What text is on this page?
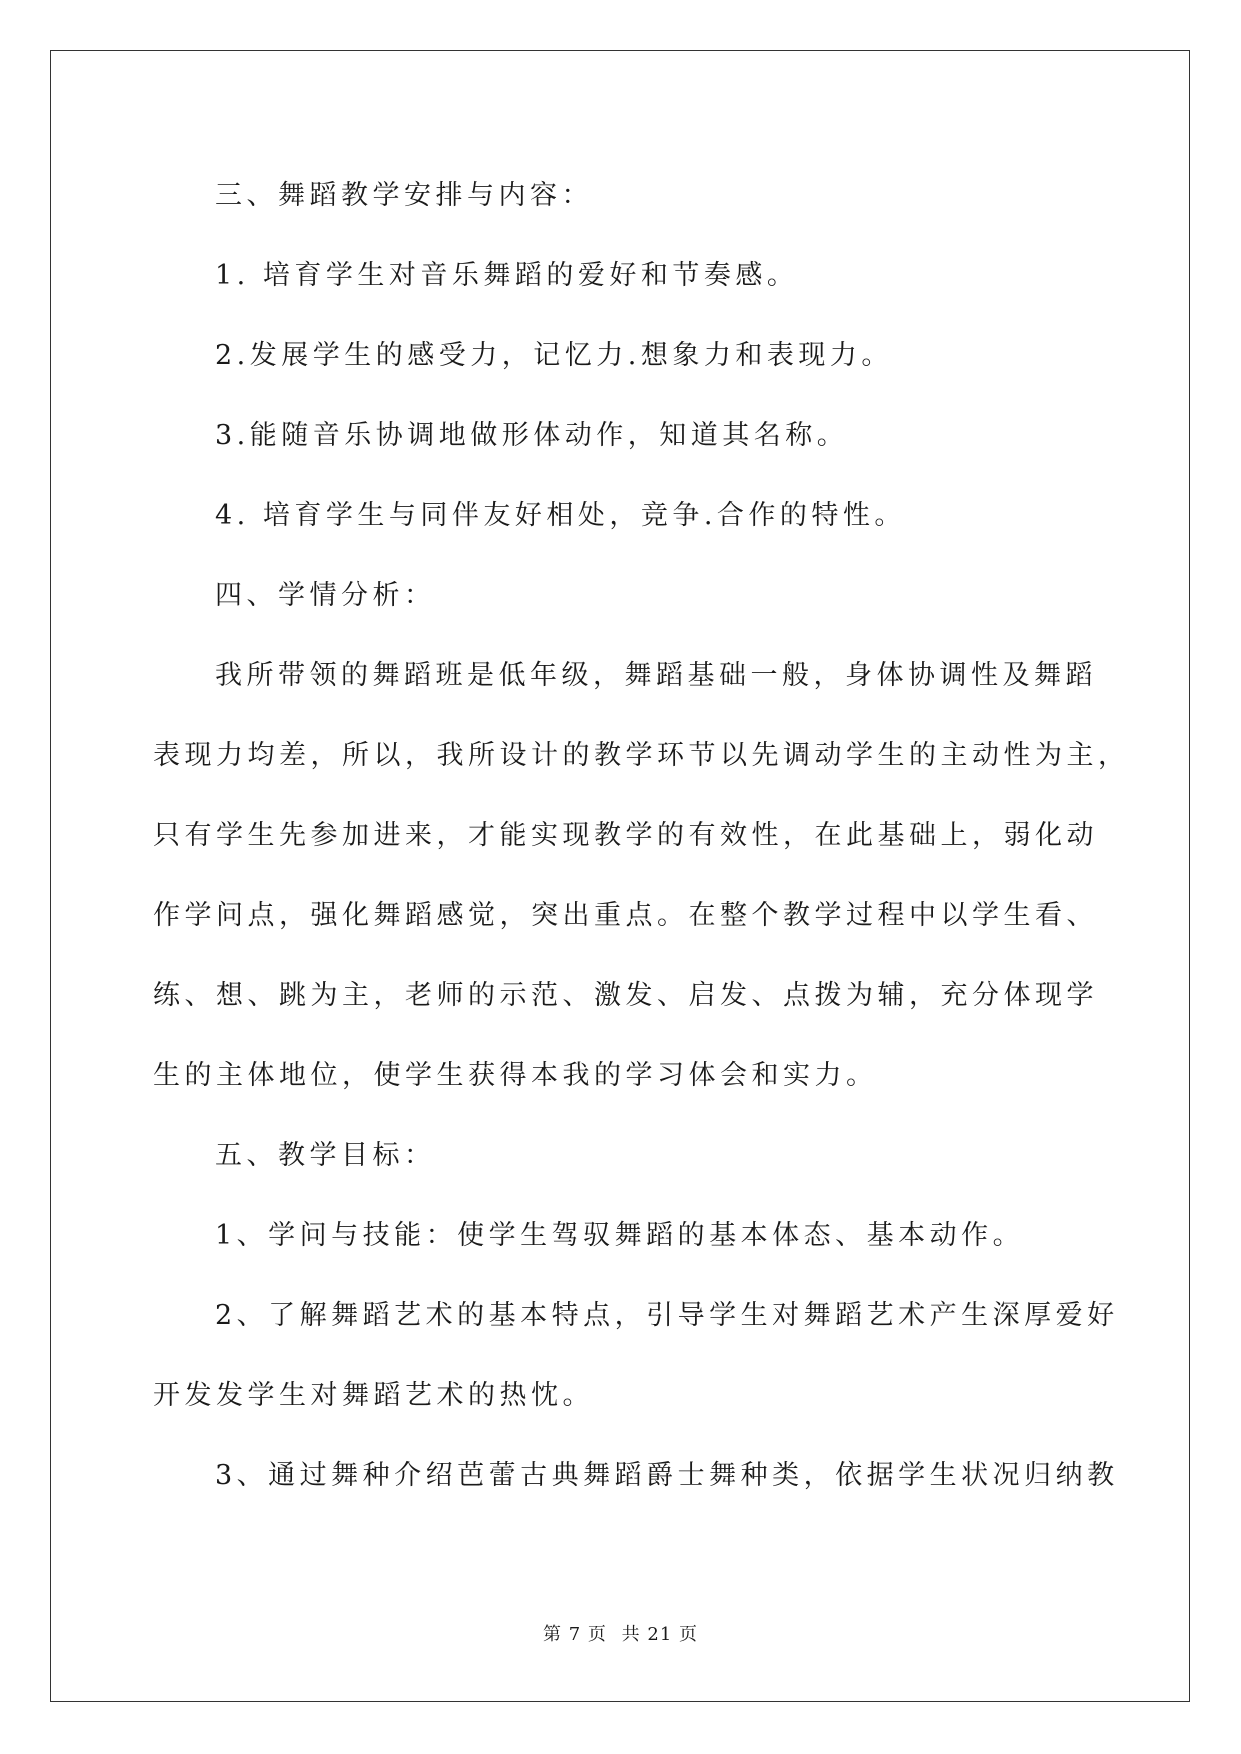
三、舞蹈教学安排与内容：
1. 培育学生对音乐舞蹈的爱好和节奏感。
2.发展学生的感受力，记忆力.想象力和表现力。
3.能随音乐协调地做形体动作，知道其名称。
4. 培育学生与同伴友好相处，竞争.合作的特性。
四、学情分析：
我所带领的舞蹈班是低年级，舞蹈基础一般，身体协调性及舞蹈
表现力均差，所以，我所设计的教学环节以先调动学生的主动性为主，
只有学生先参加进来，才能实现教学的有效性，在此基础上，弱化动
作学问点，强化舞蹈感觉，突出重点。在整个教学过程中以学生看、
练、想、跳为主，老师的示范、激发、启发、点拨为辅，充分体现学
生的主体地位，使学生获得本我的学习体会和实力。
五、教学目标：
1、学问与技能：使学生驾驭舞蹈的基本体态、基本动作。
2、了解舞蹈艺术的基本特点，引导学生对舞蹈艺术产生深厚爱好
开发发学生对舞蹈艺术的热忱。
3、通过舞种介绍芭蕾古典舞蹈爵士舞种类，依据学生状况归纳教
第 7 页 共 21 页
